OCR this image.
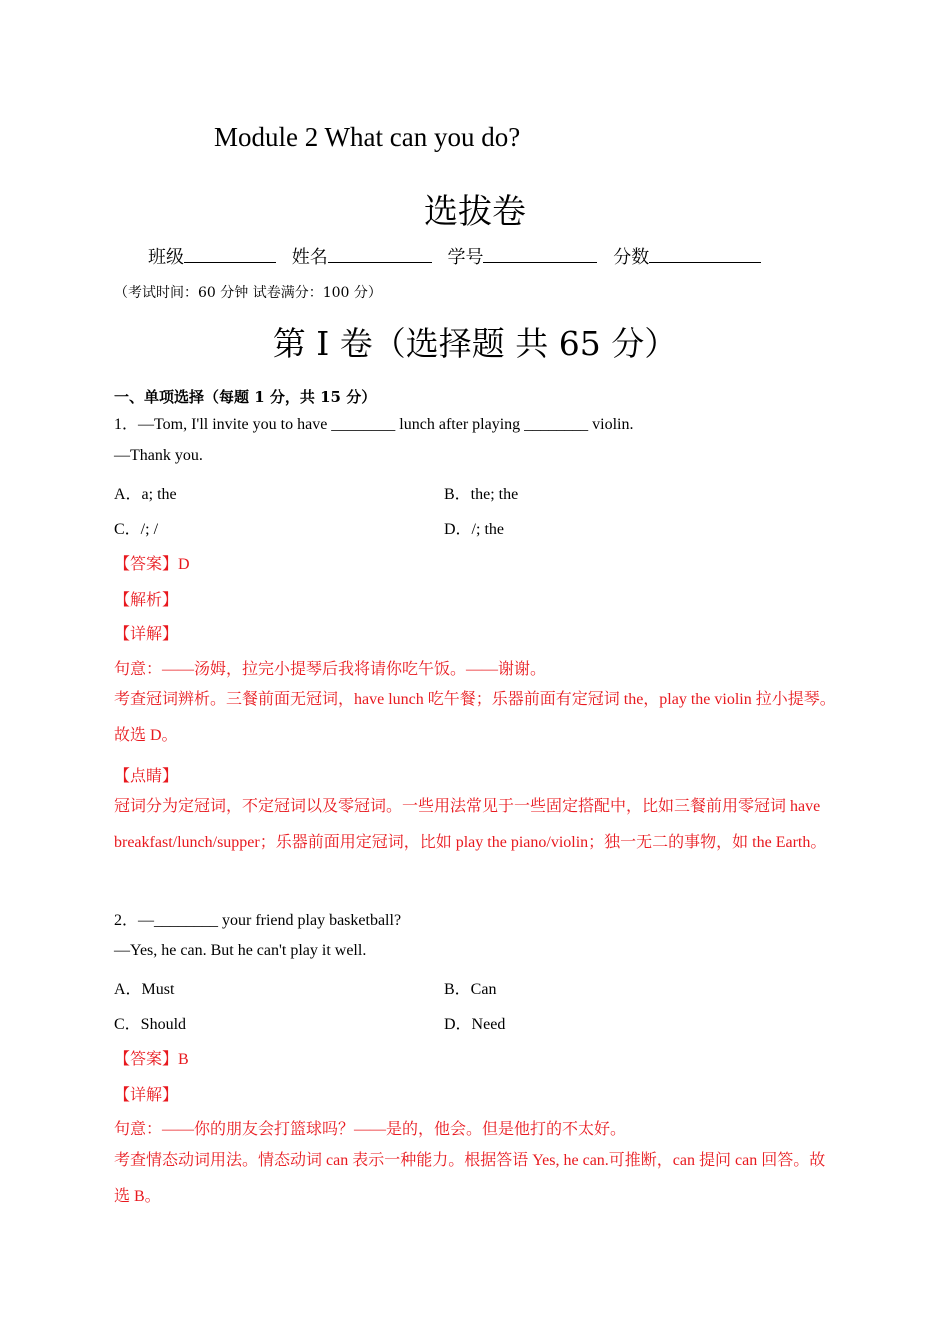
Module 2 What can you do?
选拔卷
班级	姓名	学号	分数
（考试时间：60 分钟 试卷满分：100 分）
第 I 卷（选择题 共 65 分）
一、单项选择（每题 1 分，共 15 分）
1．—Tom, I'll invite you to have ________ lunch after playing ________ violin.
—Thank you.
A．a; the	B．the; the
C．/; /	D．/; the
【答案】D
【解析】
【详解】
句意：——汤姆，拉完小提琴后我将请你吃午饭。——谢谢。
考查冠词辨析。三餐前面无冠词，have lunch 吃午餐；乐器前面有定冠词 the，play the violin 拉小提琴。故选 D。
【点睛】
冠词分为定冠词，不定冠词以及零冠词。一些用法常见于一些固定搭配中，比如三餐前用零冠词 have breakfast/lunch/supper；乐器前面用定冠词，比如 play the piano/violin；独一无二的事物，如 the Earth。
2．—________ your friend play basketball?
—Yes, he can. But he can't play it well.
A．Must	B．Can
C．Should	D．Need
【答案】B
【详解】
句意：——你的朋友会打篮球吗？——是的，他会。但是他打的不太好。
考查情态动词用法。情态动词 can 表示一种能力。根据答语 Yes, he can.可推断，can 提问 can 回答。故选 B。
